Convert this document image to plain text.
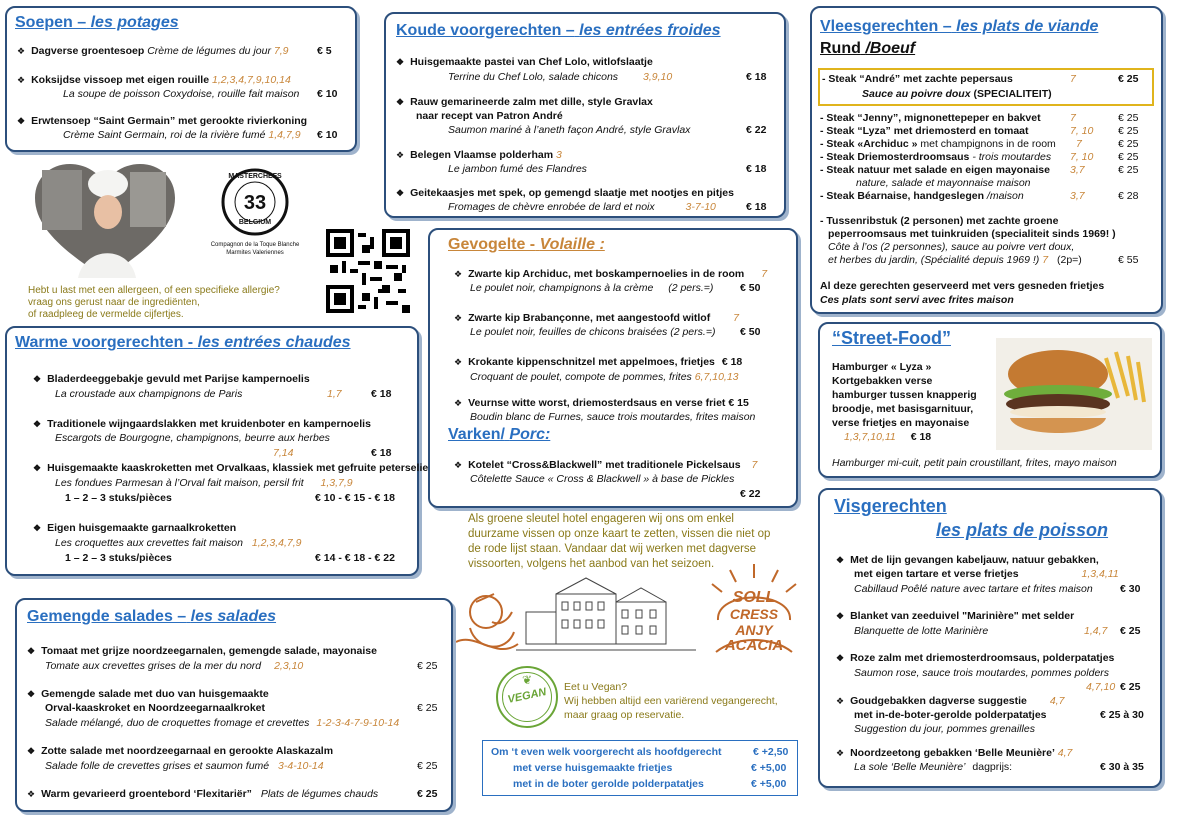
Soepen – les potages
❖ Dagverse groentesoep Crème de légumes du jour 7,9	€ 5
❖ Koksijdse vissoep met eigen rouille 1,2,3,4,7,9,10,14
La soupe de poisson Coxydoise, rouille fait maison € 10
❖ Erwtensoep “Saint Germain” met gerookte rivierkoning
Crème Saint Germain, roi de la rivière fumé 1,4,7,9 € 10
MASTERCHEFS
33
BELGIUM
Compagnon de la Toque Blanche Marmites Valeriennes
Hebt u last met een allergeen, of een specifieke allergie?
vraag ons gerust naar de ingrediënten,
of raadpleeg de vermelde cijfertjes.
Warme voorgerechten - les entrées chaudes
❖ Bladerdeeggebakje gevuld met Parijse kampernoelis
La croustade aux champignons de Paris	1,7	€ 18
❖ Traditionele wijngaardslakken met kruidenboter en kampernoelis
Escargots de Bourgogne, champignons, beurre aux herbes
7,14	€ 18
❖ Huisgemaakte kaaskroketten met Orvalkaas, klassiek met gefruite peterselie
Les fondues Parmesan à l’Orval fait maison, persil frit 1,3,7,9
1 – 2 – 3 stuks/pièces	€ 10 - € 15 - € 18
❖ Eigen huisgemaakte garnaalkroketten
Les croquettes aux crevettes fait maison 1,2,3,4,7,9
1 – 2 – 3 stuks/pièces	€ 14 - € 18 - € 22
Gemengde salades – les salades
❖ Tomaat met grijze noordzeegarnalen, gemengde salade, mayonaise
Tomate aux crevettes grises de la mer du nord 2,3,10	€ 25
❖ Gemengde salade met duo van huisgemaakte
Orval-kaaskroket en Noordzeegarnaalkroket	€ 25
Salade mélangé, duo de croquettes fromage et crevettes 1-2-3-4-7-9-10-14
❖ Zotte salade met noordzeegarnaal en gerookte Alaskazalm
Salade folle de crevettes grises et saumon fumé 3-4-10-14	€ 25
❖ Warm gevarieerd groentebord ‘Flexitariër” Plats de légumes chauds	€ 25
Koude voorgerechten – les entrées froides
❖ Huisgemaakte pastei van Chef Lolo, witlofslaatje
Terrine du Chef Lolo, salade chicons 3,9,10	€ 18
❖ Rauw gemarineerde zalm met dille, style Gravlax
naar recept van Patron André
Saumon mariné à l’aneth façon André, style Gravlax	€ 22
❖ Belegen Vlaamse polderham 3
Le jambon fumé des Flandres	€ 18
❖ Geitekaasjes met spek, op gemengd slaatje met nootjes en pitjes
Fromages de chèvre enrobée de lard et noix	3-7-10	€ 18
Gevogelte - Volaille :
❖ Zwarte kip Archiduc, met boskampernoelies in de room 7
Le poulet noir, champignons à la crème (2 pers.=)	€ 50
❖ Zwarte kip Brabançonne, met aangestoofd witlof 7
Le poulet noir, feuilles de chicons braisées (2 pers.=) € 50
❖ Krokante kippenschnitzel met appelmoes, frietjes € 18
Croquant de poulet, compote de pommes, frites 6,7,10,13
❖ Veurnse witte worst, driemosterdsaus en verse friet € 15
Boudin blanc de Furnes, sauce trois moutardes, frites maison
Varken/ Porc:
❖ Kotelet “Cross&Blackwell” met traditionele Pickelsaus 7
Côtelette Sauce « Cross & Blackwell » à base de Pickles
€ 22
Als groene sleutel hotel engageren wij ons om enkel
duurzame vissen op onze kaart te zetten, vissen die niet op
de rode lijst staan. Vandaar dat wij werken met dagverse
vissoorten, volgens het aanbod van het seizoen.
SOLL
CRESS
ANJY
ACACIA
❦
VEGAN	Eet u Vegan?
Wij hebben altijd een variërend vegangerecht,
maar graag op reservatie.
Om ‘t even welk voorgerecht als hoofdgerecht	€ +2,50
met verse huisgemaakte frietjes	€ +5,00
met in de boter gerolde polderpatatjes	€ +5,00
Vleesgerechten – les plats de viande
Rund /Boeuf
- Steak “André” met zachte pepersaus	7	€ 25
Sauce au poivre doux (SPECIALITEIT)
- Steak “Jenny”, mignonettepeper en bakvet	7	€ 25
- Steak “Lyza” met driemosterd en tomaat	7, 10 € 25
- Steak «Archiduc » met champignons in de room 7	€ 25
- Steak Driemosterdroomsaus - trois moutardes 7, 10 € 25
- Steak natuur met salade en eigen mayonaise 3,7	€ 25
nature, salade et mayonnaise maison
- Steak Béarnaise, handgeslegen /maison	3,7	€ 28
- Tussenribstuk (2 personen) met zachte groene
peperroomsaus met tuinkruiden (specialiteit sinds 1969! )
Côte à l’os (2 personnes), sauce au poivre vert doux,
et herbes du jardin, (Spécialité depuis 1969 !) 7 (2p=)	€ 55
Al deze gerechten geserveerd met vers gesneden frietjes
Ces plats sont servi avec frites maison
“Street-Food”
Hamburger « Lyza »
Kortgebakken verse
hamburger tussen knapperig
broodje, met basisgarnituur,
verse frietjes en mayonaise
1,3,7,10,11 € 18
Hamburger mi-cuit, petit pain croustillant, frites, mayo maison
Visgerechten
les plats de poisson
❖ Met de lijn gevangen kabeljauw, natuur gebakken,
met eigen tartare et verse frietjes	1,3,4,11
Cabillaud Poêlé nature avec tartare et frites maison	€ 30
❖ Blanket van zeeduivel "Marinière" met selder
Blanquette de lotte Marinière	1,4,7 € 25
❖ Roze zalm met driemosterdroomsaus, polderpatatjes
Saumon rose, sauce trois moutardes, pommes polders
4,7,10 € 25
❖ Goudgebakken dagverse suggestie 4,7
met in-de-boter-gerolde polderpatatjes	€ 25 à 30
Suggestion du jour, pommes grenailles
❖ Noordzeetong gebakken ‘Belle Meunière’ 4,7
La sole ‘Belle Meunière’ dagprijs:	€ 30 à 35
